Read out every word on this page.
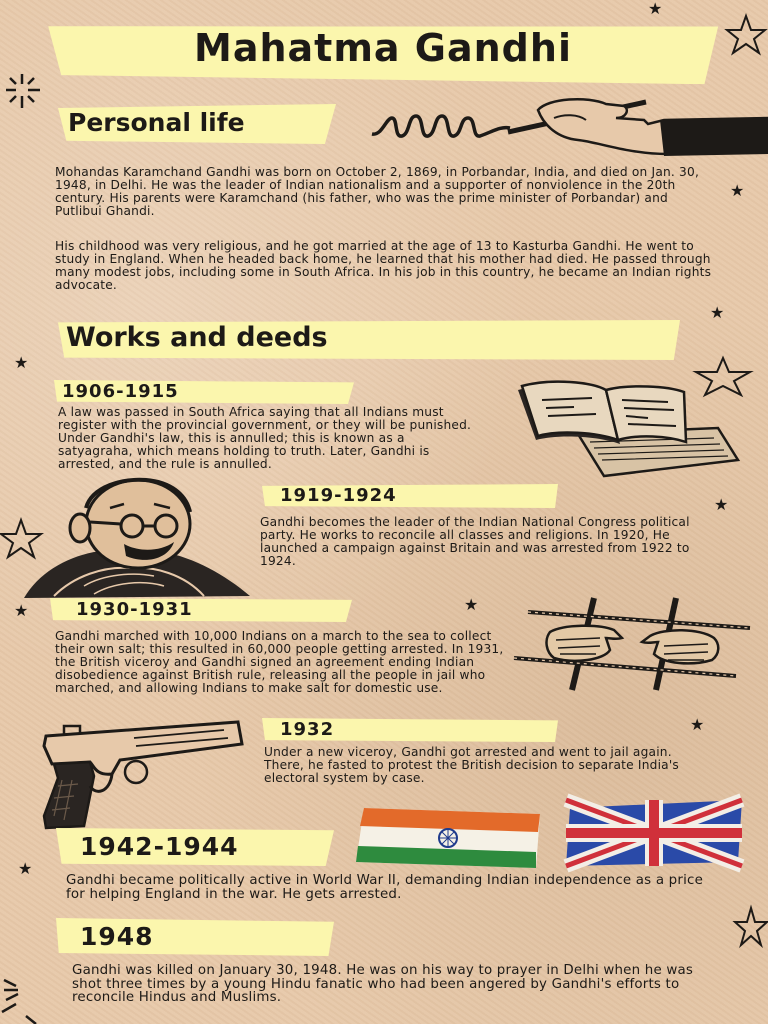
Mahatma Gandhi
Personal life
Mohandas Karamchand Gandhi was born on October 2, 1869, in Porbandar, India, and died on Jan. 30, 1948, in Delhi. He was the leader of Indian nationalism and a supporter of nonviolence in the 20th century. His parents were Karamchand (his father, who was the prime minister of Porbandar) and Putlibui Ghandi.
His childhood was very religious, and he got married at the age of 13 to Kasturba Gandhi. He went to study in England. When he headed back home, he learned that his mother had died. He passed through many modest jobs, including some in South Africa. In his job in this country, he became an Indian rights advocate.
Works and deeds
1906-1915
A law was passed in South Africa saying that all Indians must register with the provincial government, or they will be punished. Under Gandhi's law, this is annulled; this is known as a satyagraha, which means holding to truth. Later, Gandhi is arrested, and the rule is annulled.
1919-1924
Gandhi becomes the leader of the Indian National Congress political party. He works to reconcile all classes and religions. In 1920, He launched a campaign against Britain and was arrested from 1922 to 1924.
1930-1931
Gandhi marched with 10,000 Indians on a march to the sea to collect their own salt; this resulted in 60,000 people getting arrested. In 1931, the British viceroy and Gandhi signed an agreement ending Indian disobedience against British rule, releasing all the people in jail who marched, and allowing Indians to make salt for domestic use.
1932
Under a new viceroy, Gandhi got arrested and went to jail again. There, he fasted to protest the British decision to separate India's electoral system by case.
1942-1944
Gandhi became politically active in World War II, demanding Indian independence as a price for helping England in the war. He gets arrested.
1948
Gandhi was killed on January 30, 1948. He was on his way to prayer in Delhi when he was shot three times by a young Hindu fanatic who had been angered by Gandhi's efforts to reconcile Hindus and Muslims.
★
★
★
★
★
★	★
★
★
